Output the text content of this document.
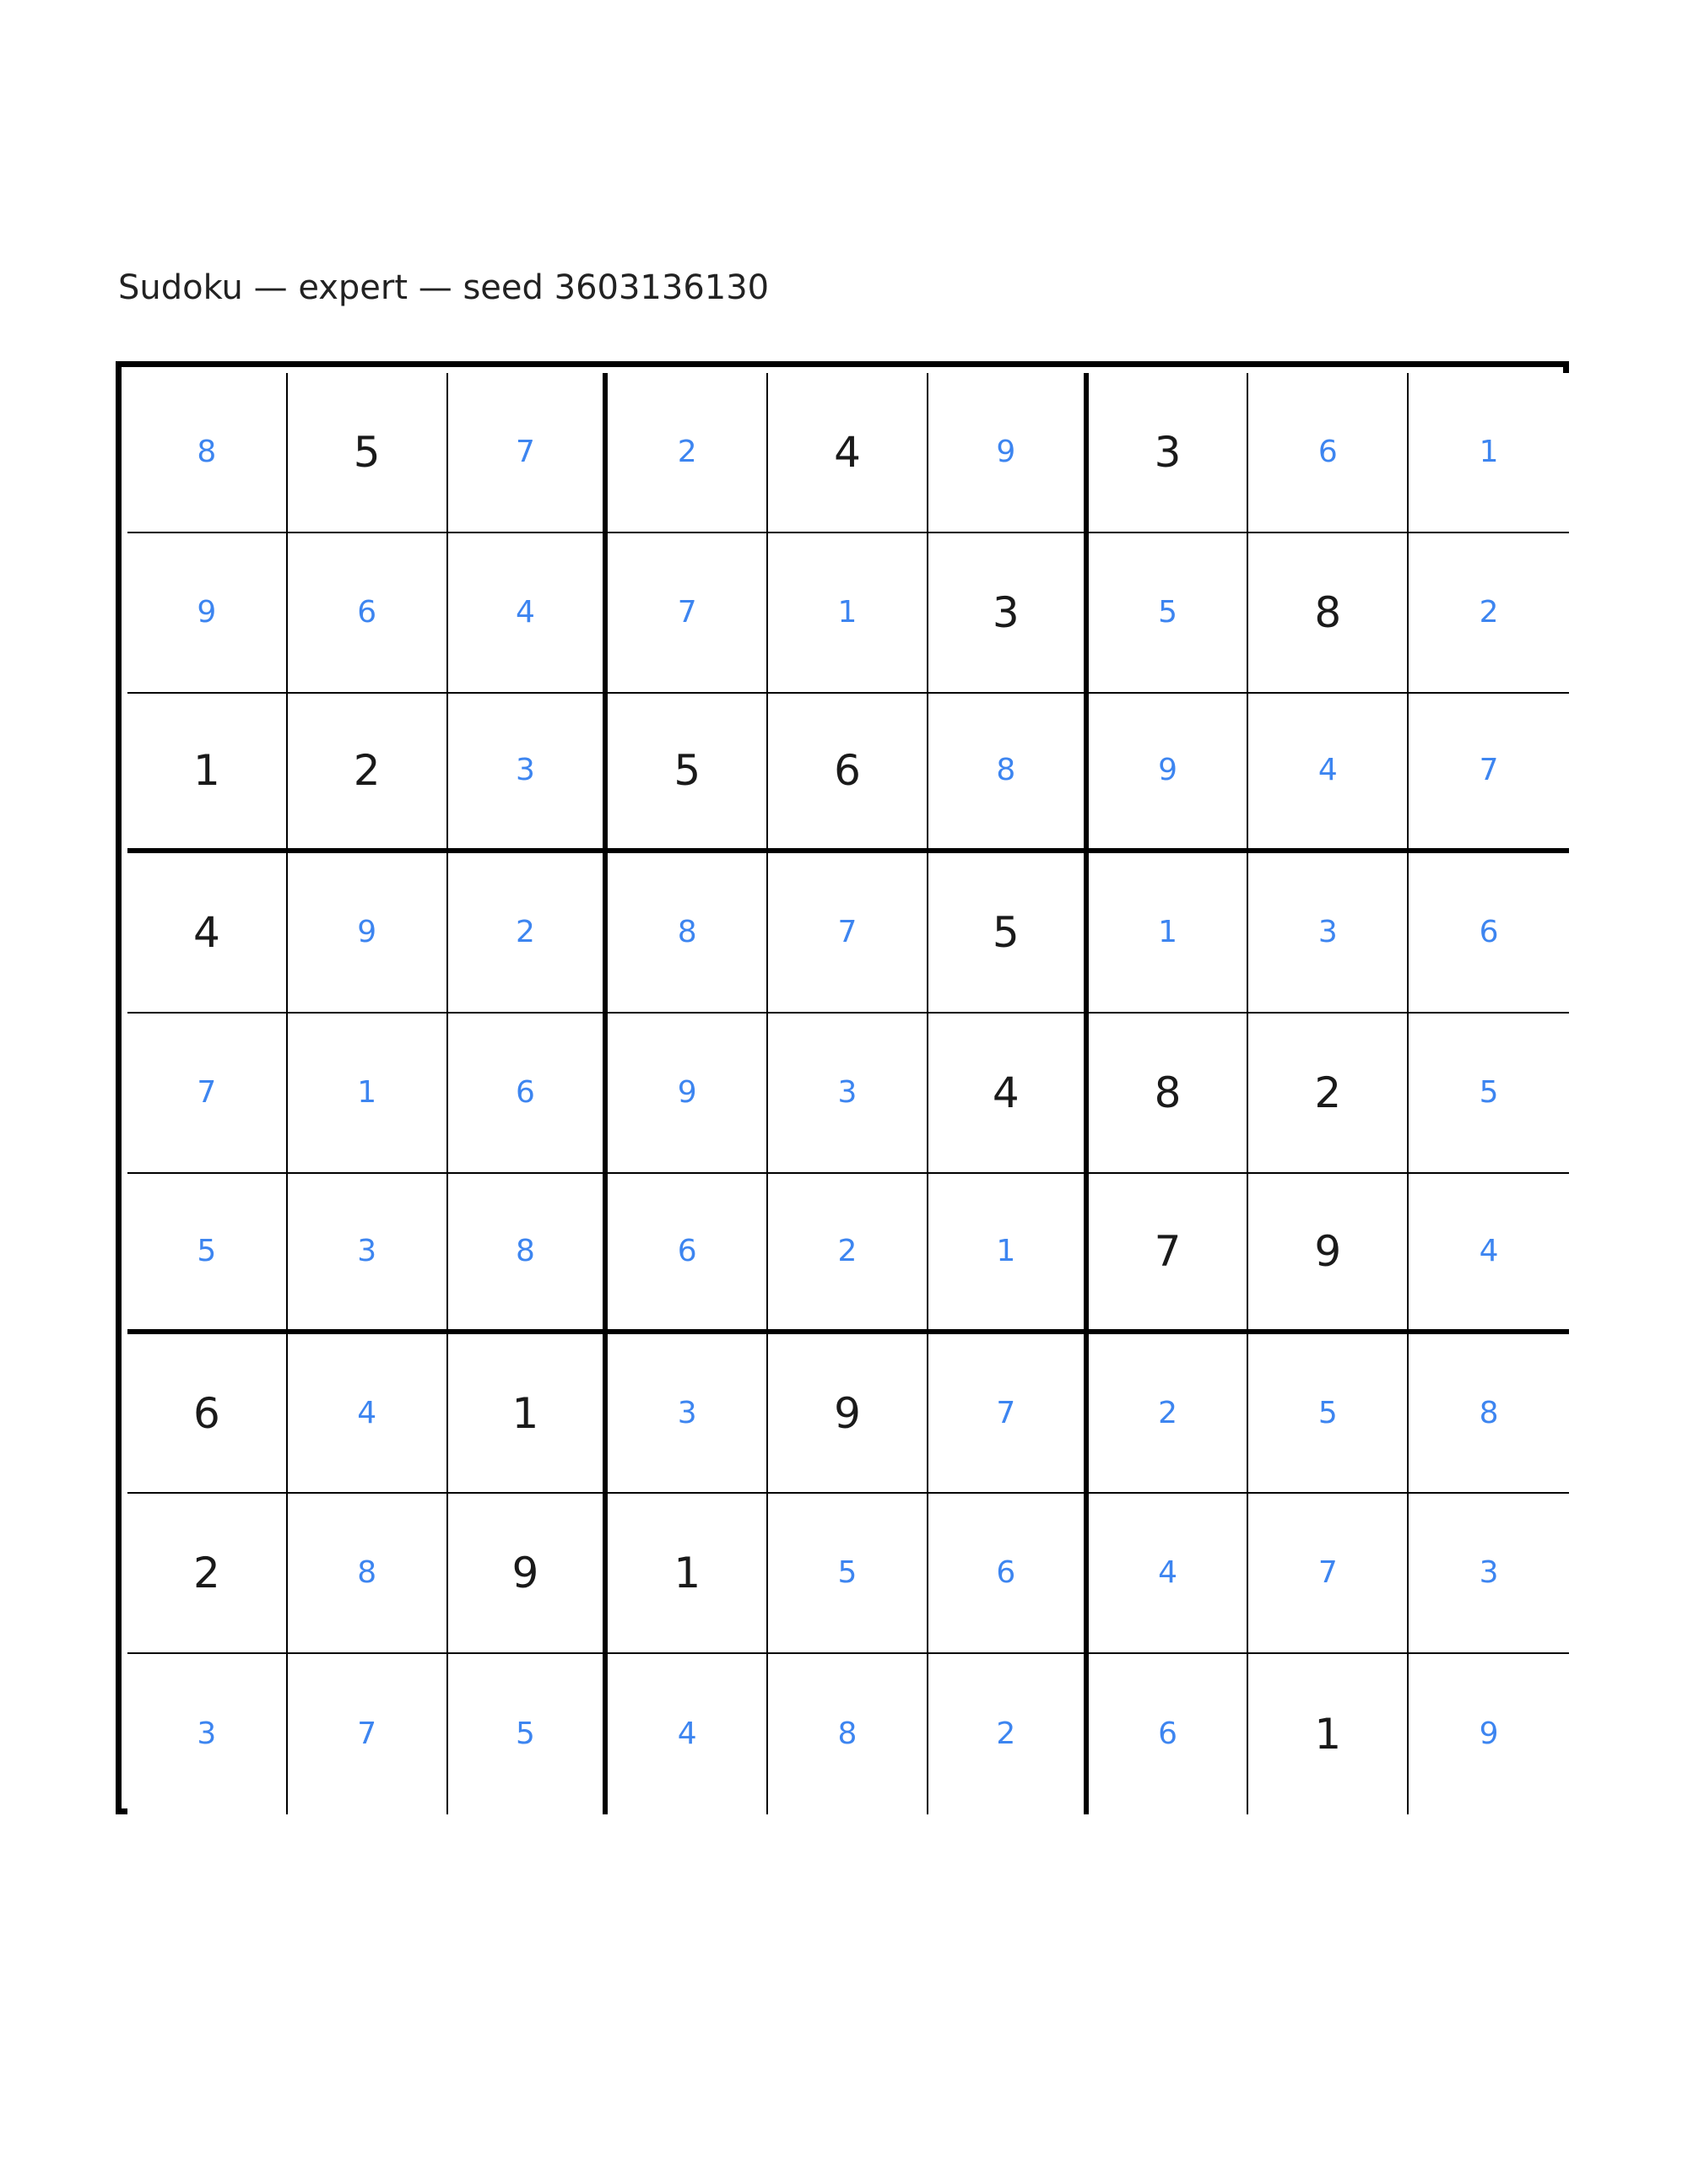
Sudoku — expert — seed 3603136130
8	5	7	2	4	9	3	6	1
9	6	4	7	1	3	5	8	2
1	2	3	5	6	8	9	4	7
4	9	2	8	7	5	1	3	6
7	1	6	9	3	4	8	2	5
5	3	8	6	2	1	7	9	4
6	4	1	3	9	7	2	5	8
2	8	9	1	5	6	4	7	3
3	7	5	4	8	2	6	1	9
